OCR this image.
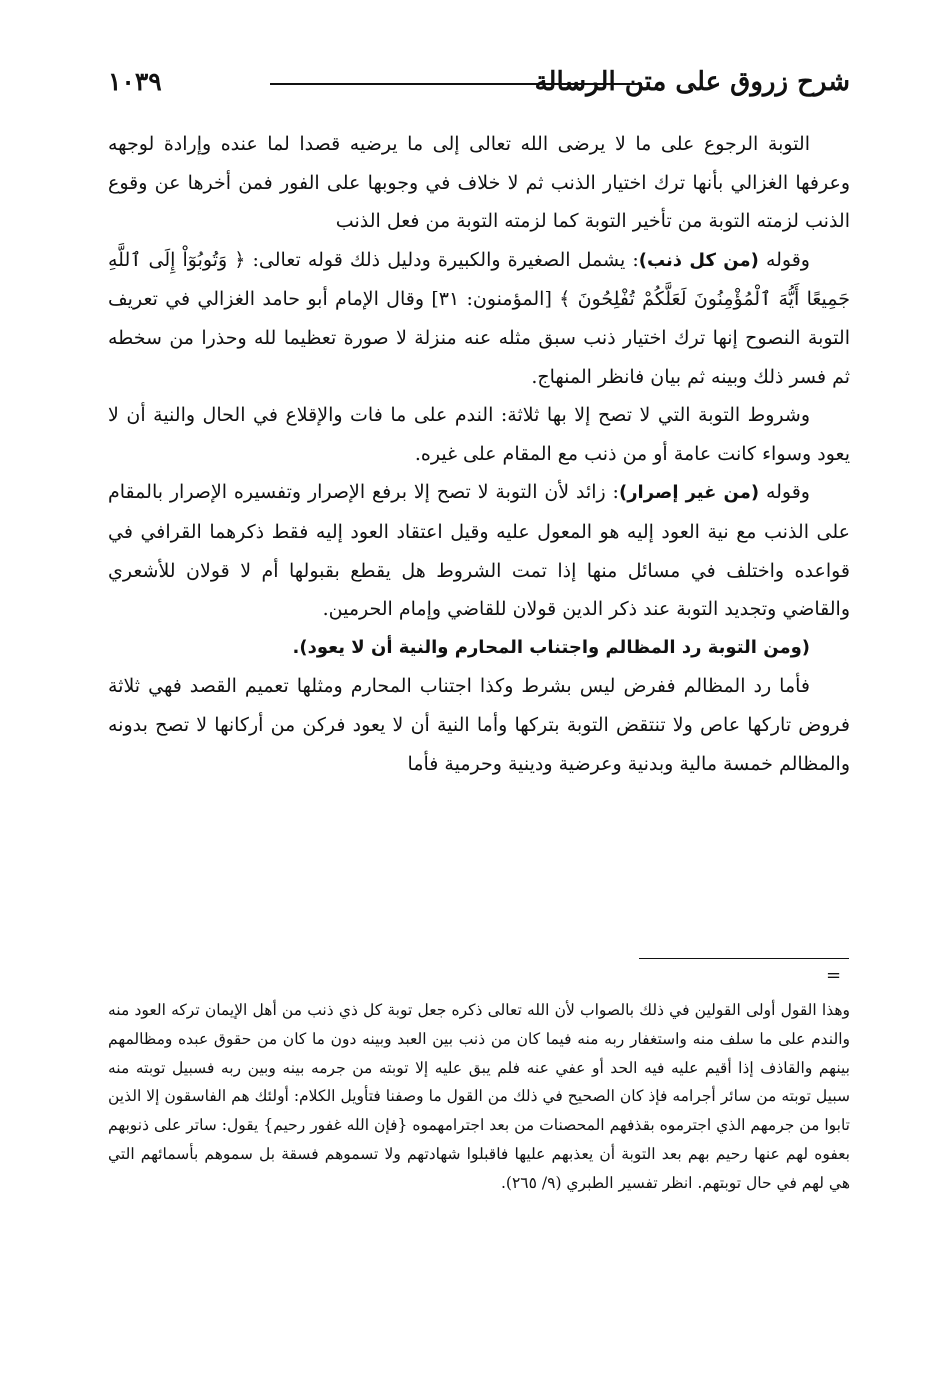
١٠٣٩	شرح زروق على متن الرسالة

التوبة الرجوع على ما لا يرضى الله تعالى إلى ما يرضيه قصدا لما عنده وإرادة لوجهه وعرفها الغزالي بأنها ترك اختيار الذنب ثم لا خلاف في وجوبها على الفور فمن أخرها عن وقوع الذنب لزمته التوبة من تأخير التوبة كما لزمته التوبة من فعل الذنب

وقوله (من كل ذنب): يشمل الصغيرة والكبيرة ودليل ذلك قوله تعالى: ﴿ وَتُوبُوٓاْ إِلَى ٱللَّهِ جَمِيعًا أَيُّهَ ٱلْمُؤْمِنُونَ لَعَلَّكُمْ تُفْلِحُونَ ﴾ [المؤمنون: ٣١] وقال الإمام أبو حامد الغزالي في تعريف التوبة النصوح إنها ترك اختيار ذنب سبق مثله عنه منزلة لا صورة تعظيما لله وحذرا من سخطه ثم فسر ذلك وبينه ثم بيان فانظر المنهاج.

وشروط التوبة التي لا تصح إلا بها ثلاثة: الندم على ما فات والإقلاع في الحال والنية أن لا يعود وسواء كانت عامة أو من ذنب مع المقام على غيره.

وقوله (من غير إصرار): زائد لأن التوبة لا تصح إلا برفع الإصرار وتفسيره الإصرار بالمقام على الذنب مع نية العود إليه هو المعول عليه وقيل اعتقاد العود إليه فقط ذكرهما القرافي في قواعده واختلف في مسائل منها إذا تمت الشروط هل يقطع بقبولها أم لا قولان للأشعري والقاضي وتجديد التوبة عند ذكر الدين قولان للقاضي وإمام الحرمين.

(ومن التوبة رد المظالم واجتناب المحارم والنية أن لا يعود).

فأما رد المظالم ففرض ليس بشرط وكذا اجتناب المحارم ومثلها تعميم القصد فهي ثلاثة فروض تاركها عاص ولا تنتقض التوبة بتركها وأما النية أن لا يعود فركن من أركانها لا تصح بدونه والمظالم خمسة مالية وبدنية وعرضية ودينية وحرمية فأما

=

وهذا القول أولى القولين في ذلك بالصواب لأن الله تعالى ذكره جعل توبة كل ذي ذنب من أهل الإيمان تركه العود منه والندم على ما سلف منه واستغفار ربه منه فيما كان من ذنب بين العبد وبينه دون ما كان من حقوق عبده ومظالمهم بينهم والقاذف إذا أقيم عليه فيه الحد أو عفي عنه فلم يبق عليه إلا توبته من جرمه بينه وبين ربه فسبيل توبته منه سبيل توبته من سائر أجرامه فإذ كان الصحيح في ذلك من القول ما وصفنا فتأويل الكلام: أولئك هم الفاسقون إلا الذين تابوا من جرمهم الذي اجترموه بقذفهم المحصنات من بعد اجترامهموه {فإن الله غفور رحيم} يقول: ساتر على ذنوبهم بعفوه لهم عنها رحيم بهم بعد التوبة أن يعذبهم عليها فاقبلوا شهادتهم ولا تسموهم فسقة بل سموهم بأسمائهم التي هي لهم في حال توبتهم. انظر تفسير الطبري (٩/ ٢٦٥).
